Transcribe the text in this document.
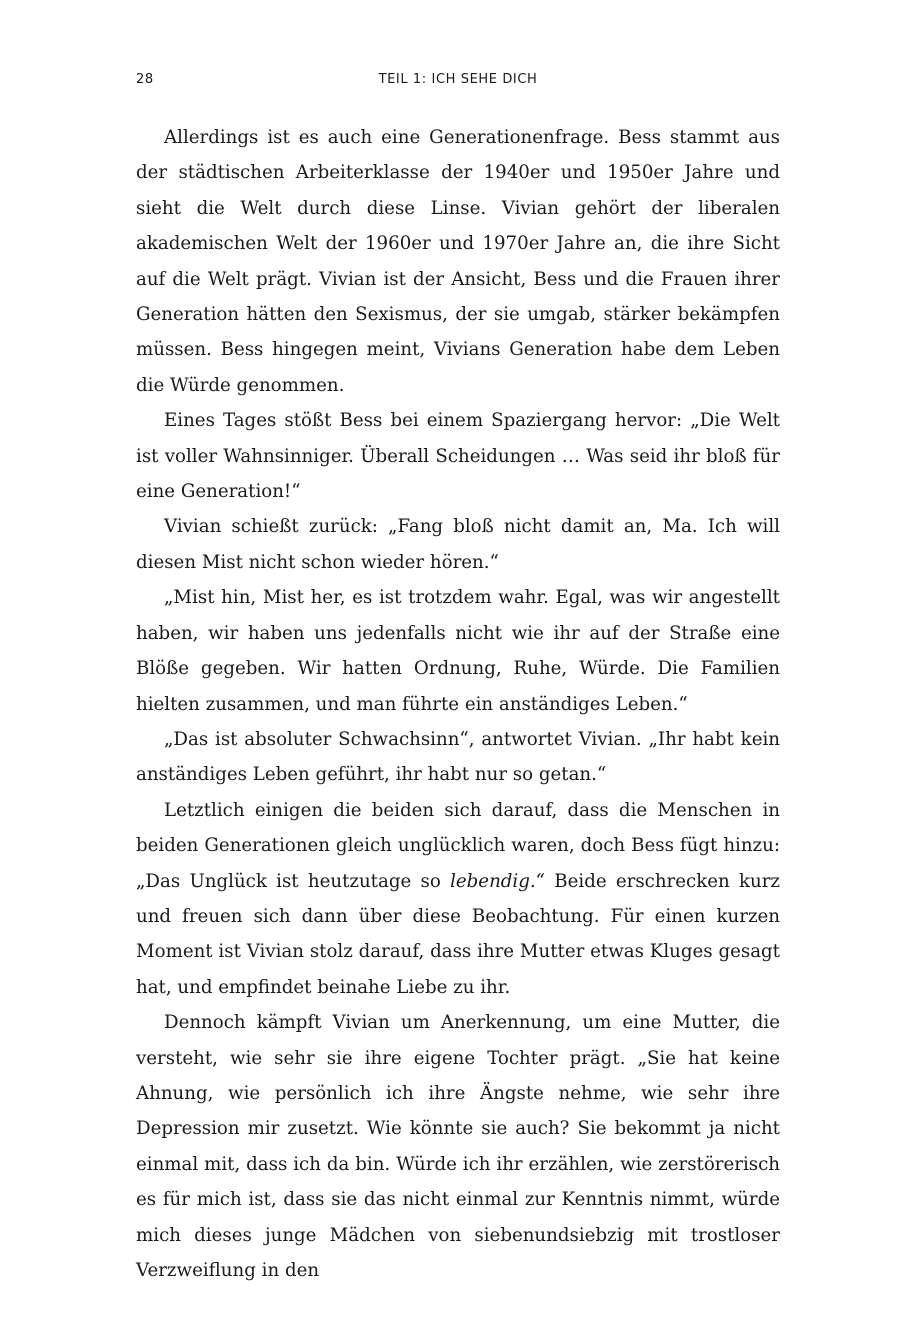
28	TEIL 1: ICH SEHE DICH

Allerdings ist es auch eine Generationenfrage. Bess stammt aus der städtischen Arbeiterklasse der 1940er und 1950er Jahre und sieht die Welt durch diese Linse. Vivian gehört der liberalen akademischen Welt der 1960er und 1970er Jahre an, die ihre Sicht auf die Welt prägt. Vivian ist der Ansicht, Bess und die Frauen ihrer Generation hätten den Sexismus, der sie umgab, stärker bekämpfen müssen. Bess hingegen meint, Vivians Generation habe dem Leben die Würde genommen.

Eines Tages stößt Bess bei einem Spaziergang hervor: „Die Welt ist voller Wahnsinniger. Überall Scheidungen … Was seid ihr bloß für eine Generation!“

Vivian schießt zurück: „Fang bloß nicht damit an, Ma. Ich will diesen Mist nicht schon wieder hören.“

„Mist hin, Mist her, es ist trotzdem wahr. Egal, was wir angestellt haben, wir haben uns jedenfalls nicht wie ihr auf der Straße eine Blöße gegeben. Wir hatten Ordnung, Ruhe, Würde. Die Familien hielten zusammen, und man führte ein anständiges Leben.“

„Das ist absoluter Schwachsinn“, antwortet Vivian. „Ihr habt kein anständiges Leben geführt, ihr habt nur so getan.“

Letztlich einigen die beiden sich darauf, dass die Menschen in beiden Generationen gleich unglücklich waren, doch Bess fügt hinzu: „Das Unglück ist heutzutage so lebendig.“ Beide erschrecken kurz und freuen sich dann über diese Beobachtung. Für einen kurzen Moment ist Vivian stolz darauf, dass ihre Mutter etwas Kluges gesagt hat, und empfindet beinahe Liebe zu ihr.

Dennoch kämpft Vivian um Anerkennung, um eine Mutter, die versteht, wie sehr sie ihre eigene Tochter prägt. „Sie hat keine Ahnung, wie persönlich ich ihre Ängste nehme, wie sehr ihre Depression mir zusetzt. Wie könnte sie auch? Sie bekommt ja nicht einmal mit, dass ich da bin. Würde ich ihr erzählen, wie zerstörerisch es für mich ist, dass sie das nicht einmal zur Kenntnis nimmt, würde mich dieses junge Mädchen von siebenundsiebzig mit trostloser Verzweiflung in den
